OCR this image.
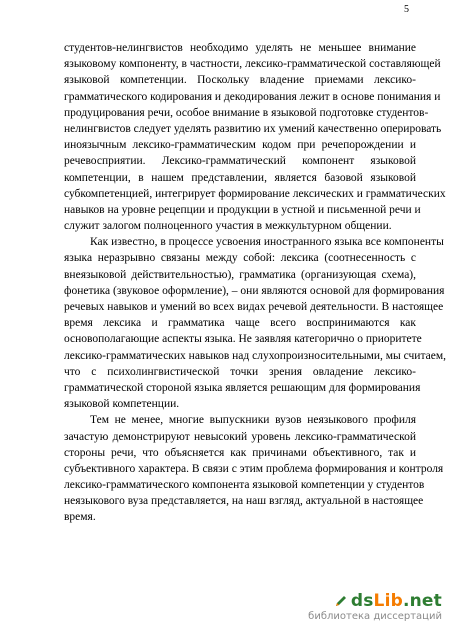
5
студентов-нелингвистов необходимо уделять не меньшее внимание
языковому компоненту, в частности, лексико-грамматической составляющей
языковой компетенции. Поскольку владение приемами лексико-
грамматического кодирования и декодирования лежит в основе понимания и
продуцирования речи, особое внимание в языковой подготовке студентов-
нелингвистов следует уделять развитию их умений качественно оперировать
иноязычным лексико-грамматическим кодом при речепорождении и
речевосприятии. Лексико-грамматический компонент языковой
компетенции, в нашем представлении, является базовой языковой
субкомпетенцией, интегрирует формирование лексических и грамматических
навыков на уровне рецепции и продукции в устной и письменной речи и
служит залогом полноценного участия в межкультурном общении.
Как известно, в процессе усвоения иностранного языка все компоненты
языка неразрывно связаны между собой: лексика (соотнесенность с
внеязыковой действительностью), грамматика (организующая схема),
фонетика (звуковое оформление), – они являются основой для формирования
речевых навыков и умений во всех видах речевой деятельности. В настоящее
время лексика и грамматика чаще всего воспринимаются как
основополагающие аспекты языка. Не заявляя категорично о приоритете
лексико-грамматических навыков над слухопроизносительными, мы считаем,
что с психолингвистической точки зрения овладение лексико-
грамматической стороной языка является решающим для формирования
языковой компетенции.
Тем не менее, многие выпускники вузов неязыкового профиля
зачастую демонстрируют невысокий уровень лексико-грамматической
стороны речи, что объясняется как причинами объективного, так и
субъективного характера. В связи с этим проблема формирования и контроля
лексико-грамматического компонента языковой компетенции у студентов
неязыкового вуза представляется, на наш взгляд, актуальной в настоящее
время.
ds Lib .net
библиотека диссертаций
